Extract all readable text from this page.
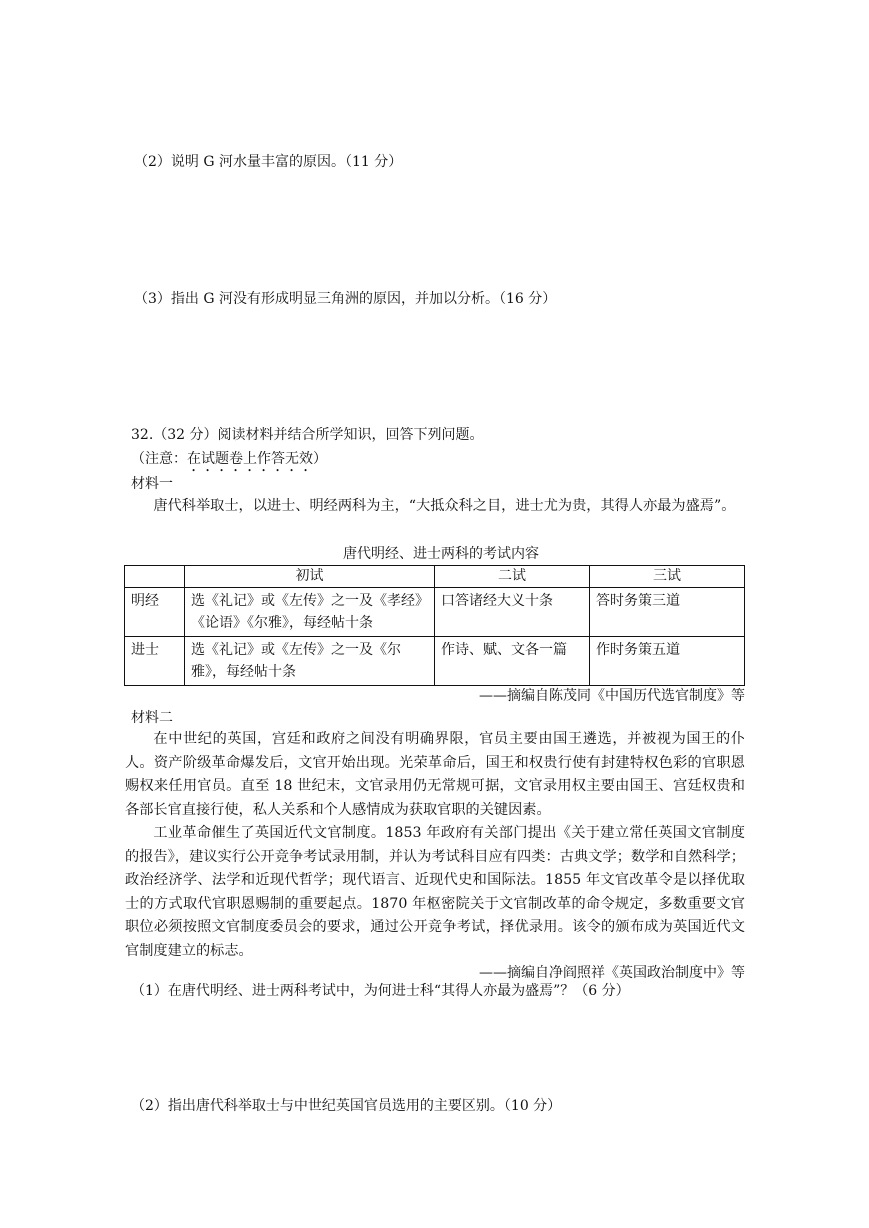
（2）说明 G 河水量丰富的原因。（11 分）
（3）指出 G 河没有形成明显三角洲的原因，并加以分析。（16 分）
32.（32 分）阅读材料并结合所学知识，回答下列问题。
（注意：在试题卷上作答无效）
材料一
唐代科举取士，以进士、明经两科为主，“大抵众科之目，进士尤为贵，其得人亦最为盛焉”。
唐代明经、进士两科的考试内容
	初试	二试	三试
明经	选《礼记》或《左传》之一及《孝经》《论语》《尔雅》，每经帖十条	口答诸经大义十条	答时务策三道
进士	选《礼记》或《左传》之一及《尔雅》，每经帖十条	作诗、赋、文各一篇	作时务策五道
——摘编自陈茂同《中国历代选官制度》等
材料二
在中世纪的英国，宫廷和政府之间没有明确界限，官员主要由国王遴选，并被视为国王的仆人。资产阶级革命爆发后，文官开始出现。光荣革命后，国王和权贵行使有封建特权色彩的官职恩赐权来任用官员。直至 18 世纪末，文官录用仍无常规可据，文官录用权主要由国王、宫廷权贵和各部长官直接行使，私人关系和个人感情成为获取官职的关键因素。
工业革命催生了英国近代文官制度。1853 年政府有关部门提出《关于建立常任英国文官制度的报告》，建议实行公开竞争考试录用制，并认为考试科目应有四类：古典文学；数学和自然科学；政治经济学、法学和近现代哲学；现代语言、近现代史和国际法。1855 年文官改革令是以择优取士的方式取代官职恩赐制的重要起点。1870 年枢密院关于文官制改革的命令规定，多数重要文官职位必须按照文官制度委员会的要求，通过公开竞争考试，择优录用。该令的颁布成为英国近代文官制度建立的标志。
——摘编自净阎照祥《英国政治制度中》等
（1）在唐代明经、进士两科考试中，为何进士科“其得人亦最为盛焉”？（6 分）
（2）指出唐代科举取士与中世纪英国官员选用的主要区别。（10 分）
